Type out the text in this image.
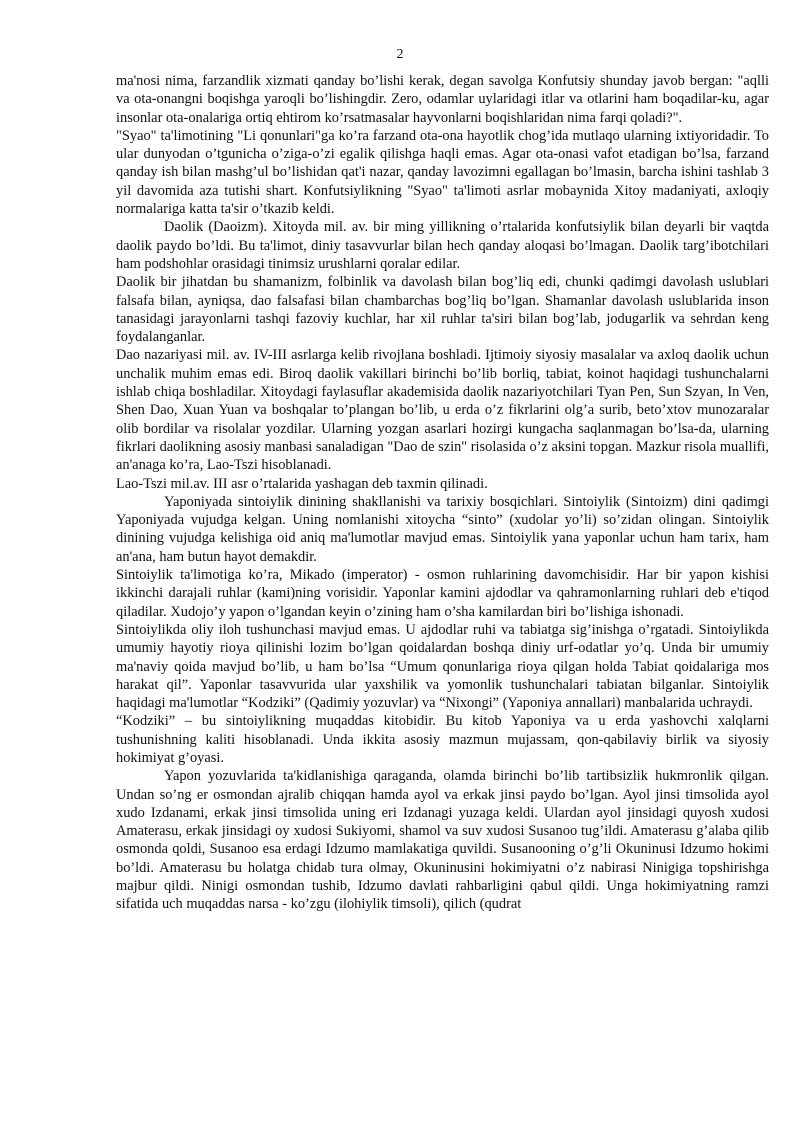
2

ma'nosi nima, farzandlik xizmati qanday bo’lishi kerak, degan savolga Konfutsiy shunday javob bergan: "aqlli va ota-onangni boqishga yaroqli bo’lishingdir. Zero, odamlar uylaridagi itlar va otlarini ham boqadilar-ku, agar insonlar ota-onalariga ortiq ehtirom ko’rsatmasalar hayvonlarni boqishlaridan nima farqi qoladi?".

"Syao" ta'limotining "Li qonunlari"ga ko’ra farzand ota-ona hayotlik chog’ida mutlaqo ularning ixtiyoridadir. To ular dunyodan o’tgunicha o’ziga-o’zi egalik qilishga haqli emas. Agar ota-onasi vafot etadigan bo’lsa, farzand qanday ish bilan mashg’ul bo’lishidan qat'i nazar, qanday lavozimni egallagan bo’lmasin, barcha ishini tashlab 3 yil davomida aza tutishi shart. Konfutsiylikning "Syao" ta'limoti asrlar mobaynida Xitoy madaniyati, axloqiy normalariga katta ta'sir o’tkazib keldi.

Daolik (Daoizm). Xitoyda mil. av. bir ming yillikning o’rtalarida konfutsiylik bilan deyarli bir vaqtda daolik paydo bo’ldi. Bu ta'limot, diniy tasavvurlar bilan hech qanday aloqasi bo’lmagan. Daolik targ’ibotchilari ham podshohlar orasidagi tinimsiz urushlarni qoralar edilar.

Daolik bir jihatdan bu shamanizm, folbinlik va davolash bilan bog’liq edi, chunki qadimgi davolash uslublari falsafa bilan, ayniqsa, dao falsafasi bilan chambarchas bog’liq bo’lgan. Shamanlar davolash uslublarida inson tanasidagi jarayonlarni tashqi fazoviy kuchlar, har xil ruhlar ta'siri bilan bog’lab, jodugarlik va sehrdan keng foydalanganlar.

Dao nazariyasi mil. av. IV-III asrlarga kelib rivojlana boshladi. Ijtimoiy siyosiy masalalar va axloq daolik uchun unchalik muhim emas edi. Biroq daolik vakillari birinchi bo’lib borliq, tabiat, koinot haqidagi tushunchalarni ishlab chiqa boshladilar. Xitoydagi faylasuflar akademisida daolik nazariyotchilari Tyan Pen, Sun Szyan, In Ven, Shen Dao, Xuan Yuan va boshqalar to’plangan bo’lib, u erda o’z fikrlarini olg’a surib, beto’xtov munozaralar olib bordilar va risolalar yozdilar. Ularning yozgan asarlari hozirgi kungacha saqlanmagan bo’lsa-da, ularning fikrlari daolikning asosiy manbasi sanaladigan "Dao de szin" risolasida o’z aksini topgan. Mazkur risola muallifi, an'anaga ko’ra, Lao-Tszi hisoblanadi.

Lao-Tszi mil.av. III asr o’rtalarida yashagan deb taxmin qilinadi.

Yaponiyada sintoiylik dinining shakllanishi va tarixiy bosqichlari. Sintoiylik (Sintoizm) dini qadimgi Yaponiyada vujudga kelgan. Uning nomlanishi xitoycha “sinto” (xudolar yo’li) so’zidan olingan. Sintoiylik dinining vujudga kelishiga oid aniq ma'lumotlar mavjud emas. Sintoiylik yana yaponlar uchun ham tarix, ham an'ana, ham butun hayot demakdir.

Sintoiylik ta'limotiga ko’ra, Mikado (imperator) - osmon ruhlarining davomchisidir. Har bir yapon kishisi ikkinchi darajali ruhlar (kami)ning vorisidir. Yaponlar kamini ajdodlar va qahramonlarning ruhlari deb e'tiqod qiladilar. Xudojo’y yapon o’lgandan keyin o’zining ham o’sha kamilardan biri bo’lishiga ishonadi.

Sintoiylikda oliy iloh tushunchasi mavjud emas. U ajdodlar ruhi va tabiatga sig’inishga o’rgatadi. Sintoiylikda umumiy hayotiy rioya qilinishi lozim bo’lgan qoidalardan boshqa diniy urf-odatlar yo’q. Unda bir umumiy ma'naviy qoida mavjud bo’lib, u ham bo’lsa “Umum qonunlariga rioya qilgan holda Tabiat qoidalariga mos harakat qil”. Yaponlar tasavvurida ular yaxshilik va yomonlik tushunchalari tabiatan bilganlar. Sintoiylik haqidagi ma'lumotlar “Kodziki” (Qadimiy yozuvlar) va “Nixongi” (Yaponiya annallari) manbalarida uchraydi.

“Kodziki” – bu sintoiylikning muqaddas kitobidir. Bu kitob Yaponiya va u erda yashovchi xalqlarni tushunishning kaliti hisoblanadi. Unda ikkita asosiy mazmun mujassam, qon-qabilaviy birlik va siyosiy hokimiyat g’oyasi.

Yapon yozuvlarida ta'kidlanishiga qaraganda, olamda birinchi bo’lib tartibsizlik hukmronlik qilgan. Undan so’ng er osmondan ajralib chiqqan hamda ayol va erkak jinsi paydo bo’lgan. Ayol jinsi timsolida ayol xudo Izdanami, erkak jinsi timsolida uning eri Izdanagi yuzaga keldi. Ulardan ayol jinsidagi quyosh xudosi Amaterasu, erkak jinsidagi oy xudosi Sukiyomi, shamol va suv xudosi Susanoo tug’ildi. Amaterasu g’alaba qilib osmonda qoldi, Susanoo esa erdagi Idzumo mamlakatiga quvildi. Susanooning o’g’li Okuninusi Idzumo hokimi bo’ldi. Amaterasu bu holatga chidab tura olmay, Okuninusini hokimiyatni o’z nabirasi Ninigiga topshirishga majbur qildi. Ninigi osmondan tushib, Idzumo davlati rahbarligini qabul qildi. Unga hokimiyatning ramzi sifatida uch muqaddas narsa - ko’zgu (ilohiylik timsoli), qilich (qudrat
